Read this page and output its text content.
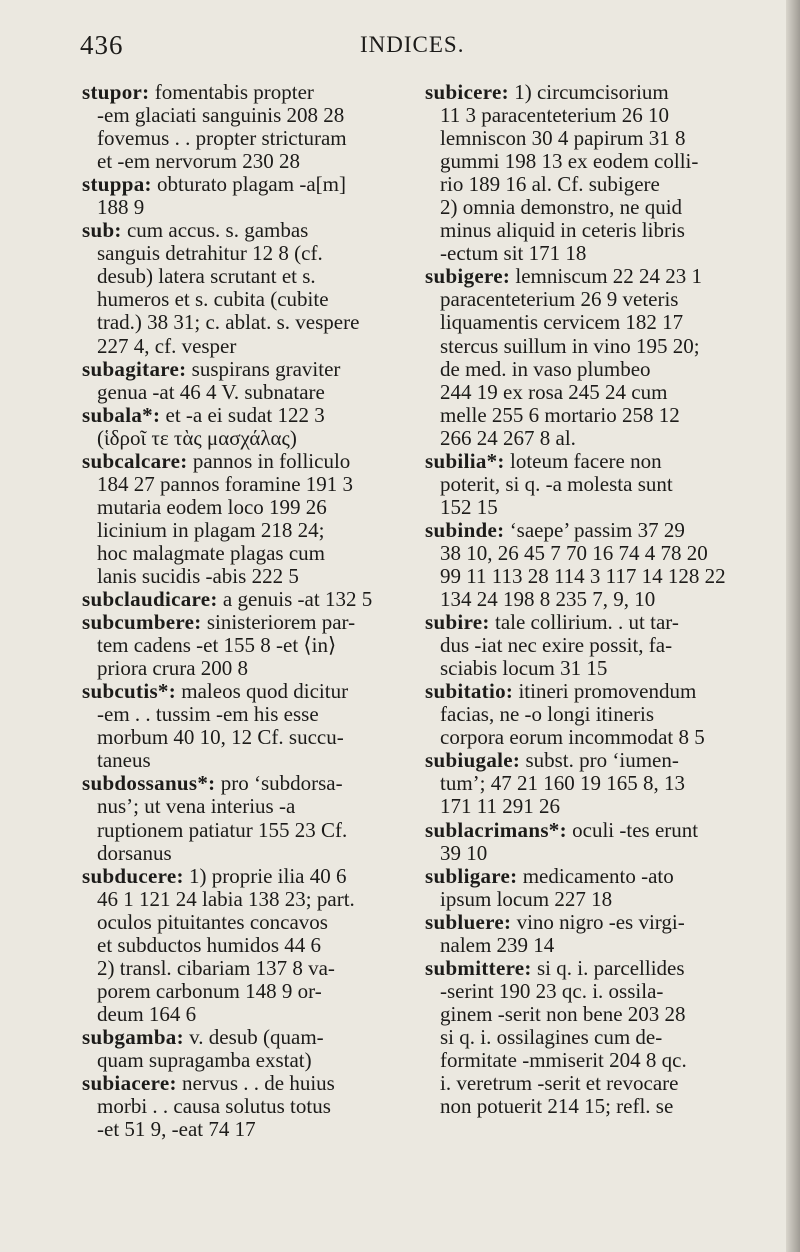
436	INDICES.
stupor: fomentabis propter
-em glaciati sanguinis 208 28
fovemus . . propter stricturam
et -em nervorum 230 28
stuppa: obturato plagam -a[m]
188 9
sub: cum accus. s. gambas
sanguis detrahitur 12 8 (cf.
desub) latera scrutant et s.
humeros et s. cubita (cubite
trad.) 38 31; c. ablat. s. vespere
227 4, cf. vesper
subagitare: suspirans graviter
genua -at 46 4 V. subnatare
subala*: et -a ei sudat 122 3
(ἱδροῖ τε τὰς μασχάλας)
subcalcare: pannos in folliculo
184 27 pannos foramine 191 3
mutaria eodem loco 199 26
licinium in plagam 218 24;
hoc malagmate plagas cum
lanis sucidis -abis 222 5
subclaudicare: a genuis -at 132 5
subcumbere: sinisteriorem par-
tem cadens -et 155 8 -et ⟨in⟩
priora crura 200 8
subcutis*: maleos quod dicitur
-em . . tussim -em his esse
morbum 40 10, 12 Cf. succu-
taneus
subdossanus*: pro ‘subdorsa-
nus’; ut vena interius -a
ruptionem patiatur 155 23 Cf.
dorsanus
subducere: 1) proprie ilia 40 6
46 1 121 24 labia 138 23; part.
oculos pituitantes concavos
et subductos humidos 44 6
2) transl. cibariam 137 8 va-
porem carbonum 148 9 or-
deum 164 6
subgamba: v. desub (quam-
quam supragamba exstat)
subiacere: nervus . . de huius
morbi . . causa solutus totus
-et 51 9, -eat 74 17
subicere: 1) circumcisorium
11 3 paracenteterium 26 10
lemniscon 30 4 papirum 31 8
gummi 198 13 ex eodem colli-
rio 189 16 al. Cf. subigere
2) omnia demonstro, ne quid
minus aliquid in ceteris libris
-ectum sit 171 18
subigere: lemniscum 22 24 23 1
paracenteterium 26 9 veteris
liquamentis cervicem 182 17
stercus suillum in vino 195 20;
de med. in vaso plumbeo
244 19 ex rosa 245 24 cum
melle 255 6 mortario 258 12
266 24 267 8 al.
subilia*: loteum facere non
poterit, si q. -a molesta sunt
152 15
subinde: ‘saepe’ passim 37 29
38 10, 26 45 7 70 16 74 4 78 20
99 11 113 28 114 3 117 14 128 22
134 24 198 8 235 7, 9, 10
subire: tale collirium. . ut tar-
dus -iat nec exire possit, fa-
sciabis locum 31 15
subitatio: itineri promovendum
facias, ne -o longi itineris
corpora eorum incommodat 8 5
subiugale: subst. pro ‘iumen-
tum’; 47 21 160 19 165 8, 13
171 11 291 26
sublacrimans*: oculi -tes erunt
39 10
subligare: medicamento -ato
ipsum locum 227 18
subluere: vino nigro -es virgi-
nalem 239 14
submittere: si q. i. parcellides
-serint 190 23 qc. i. ossila-
ginem -serit non bene 203 28
si q. i. ossilagines cum de-
formitate -mmiserit 204 8 qc.
i. veretrum -serit et revocare
non potuerit 214 15; refl. se
